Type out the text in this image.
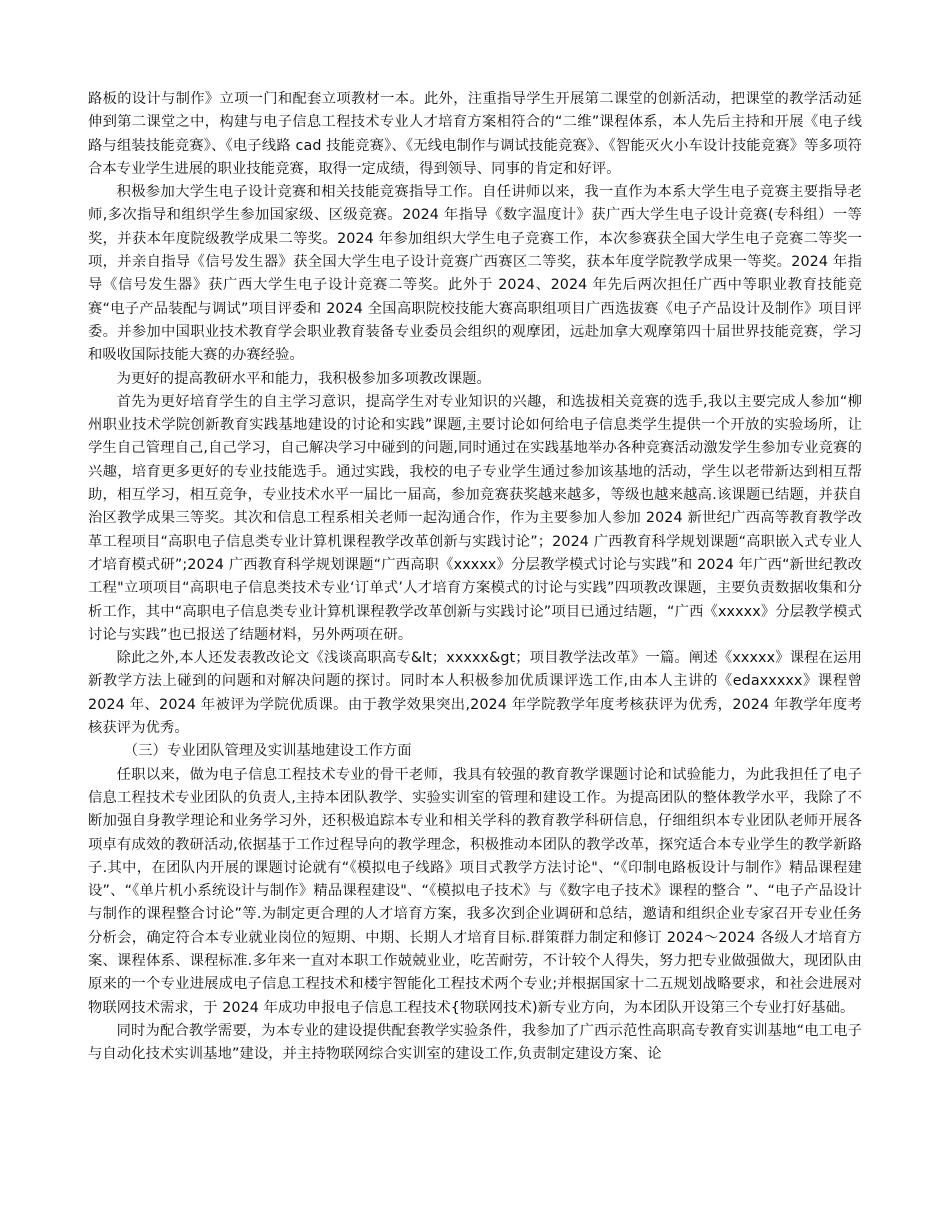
路板的设计与制作》立项一门和配套立项教材一本。此外，注重指导学生开展第二课堂的创新活动，把课堂的教学活动延伸到第二课堂之中，构建与电子信息工程技术专业人才培育方案相符合的“二维”课程体系，本人先后主持和开展《电子线路与组装技能竞赛》、《电子线路 cad 技能竞赛》、《无线电制作与调试技能竞赛》、《智能灭火小车设计技能竞赛》等多项符合本专业学生进展的职业技能竞赛，取得一定成绩，得到领导、同事的肯定和好评。

积极参加大学生电子设计竞赛和相关技能竞赛指导工作。自任讲师以来，我一直作为本系大学生电子竞赛主要指导老师,多次指导和组织学生参加国家级、区级竞赛。2024 年指导《数字温度计》获广西大学生电子设计竞赛(专科组）一等奖，并获本年度院级教学成果二等奖。2024 年参加组织大学生电子竞赛工作，本次参赛获全国大学生电子竞赛二等奖一项，并亲自指导《信号发生器》获全国大学生电子设计竞赛广西赛区二等奖，获本年度学院教学成果一等奖。2024 年指导《信号发生器》获广西大学生电子设计竞赛二等奖。此外于 2024、2024 年先后两次担任广西中等职业教育技能竞赛“电子产品装配与调试”项目评委和 2024 全国高职院校技能大赛高职组项目广西选拔赛《电子产品设计及制作》项目评委。并参加中国职业技术教育学会职业教育装备专业委员会组织的观摩团，远赴加拿大观摩第四十届世界技能竞赛，学习和吸收国际技能大赛的办赛经验。

为更好的提高教研水平和能力，我积极参加多项教改课题。

首先为更好培育学生的自主学习意识，提高学生对专业知识的兴趣，和选拔相关竞赛的选手,我以主要完成人参加“柳州职业技术学院创新教育实践基地建设的讨论和实践”课题,主要讨论如何给电子信息类学生提供一个开放的实验场所，让学生自己管理自己,自己学习，自己解决学习中碰到的问题,同时通过在实践基地举办各种竞赛活动激发学生参加专业竞赛的兴趣，培育更多更好的专业技能选手。通过实践，我校的电子专业学生通过参加该基地的活动，学生以老带新达到相互帮助，相互学习，相互竞争，专业技术水平一届比一届高，参加竞赛获奖越来越多，等级也越来越高.该课题已结题，并获自治区教学成果三等奖。其次和信息工程系相关老师一起沟通合作，作为主要参加人参加 2024 新世纪广西高等教育教学改革工程项目“高职电子信息类专业计算机课程教学改革创新与实践讨论”；2024 广西教育科学规划课题“高职嵌入式专业人才培育模式研”;2024 广西教育科学规划课题“广西高职《xxxxx》分层教学模式讨论与实践”和 2024 年广西“新世纪教改工程"立项项目“高职电子信息类技术专业‘订单式’人才培育方案模式的讨论与实践”四项教改课题，主要负责数据收集和分析工作，其中“高职电子信息类专业计算机课程教学改革创新与实践讨论”项目已通过结题，“广西《xxxxx》分层教学模式讨论与实践”也已报送了结题材料，另外两项在研。

除此之外,本人还发表教改论文《浅谈高职高专&lt；xxxxx&gt；项目教学法改革》一篇。阐述《xxxxx》课程在运用新教学方法上碰到的问题和对解决问题的探讨。同时本人积极参加优质课评选工作,由本人主讲的《edaxxxxx》课程曾 2024 年、2024 年被评为学院优质课。由于教学效果突出,2024 年学院教学年度考核获评为优秀，2024 年教学年度考核获评为优秀。

（三）专业团队管理及实训基地建设工作方面

任职以来，做为电子信息工程技术专业的骨干老师，我具有较强的教育教学课题讨论和试验能力，为此我担任了电子信息工程技术专业团队的负责人,主持本团队教学、实验实训室的管理和建设工作。为提高团队的整体教学水平，我除了不断加强自身教学理论和业务学习外，还积极追踪本专业和相关学科的教育教学科研信息，仔细组织本专业团队老师开展各项卓有成效的教研活动,依据基于工作过程导向的教学理念，积极推动本团队的教学改革，探究适合本专业学生的教学新路子.其中，在团队内开展的课题讨论就有“《模拟电子线路》项目式教学方法讨论"、“《印制电路板设计与制作》精品课程建设”、“《单片机小系统设计与制作》精品课程建设"、“《模拟电子技术》与《数字电子技术》课程的整合 ”、“电子产品设计与制作的课程整合讨论”等.为制定更合理的人才培育方案，我多次到企业调研和总结，邀请和组织企业专家召开专业任务分析会，确定符合本专业就业岗位的短期、中期、长期人才培育目标.群策群力制定和修订 2024～2024 各级人才培育方案、课程体系、课程标准.多年来一直对本职工作兢兢业业，吃苦耐劳，不计较个人得失，努力把专业做强做大，现团队由原来的一个专业进展成电子信息工程技术和楼宇智能化工程技术两个专业;并根据国家十二五规划战略要求，和社会进展对物联网技术需求，于 2024 年成功申报电子信息工程技术{物联网技术)新专业方向，为本团队开设第三个专业打好基础。

同时为配合教学需要，为本专业的建设提供配套教学实验条件，我参加了广西示范性高职高专教育实训基地“电工电子与自动化技术实训基地”建设，并主持物联网综合实训室的建设工作,负责制定建设方案、论
